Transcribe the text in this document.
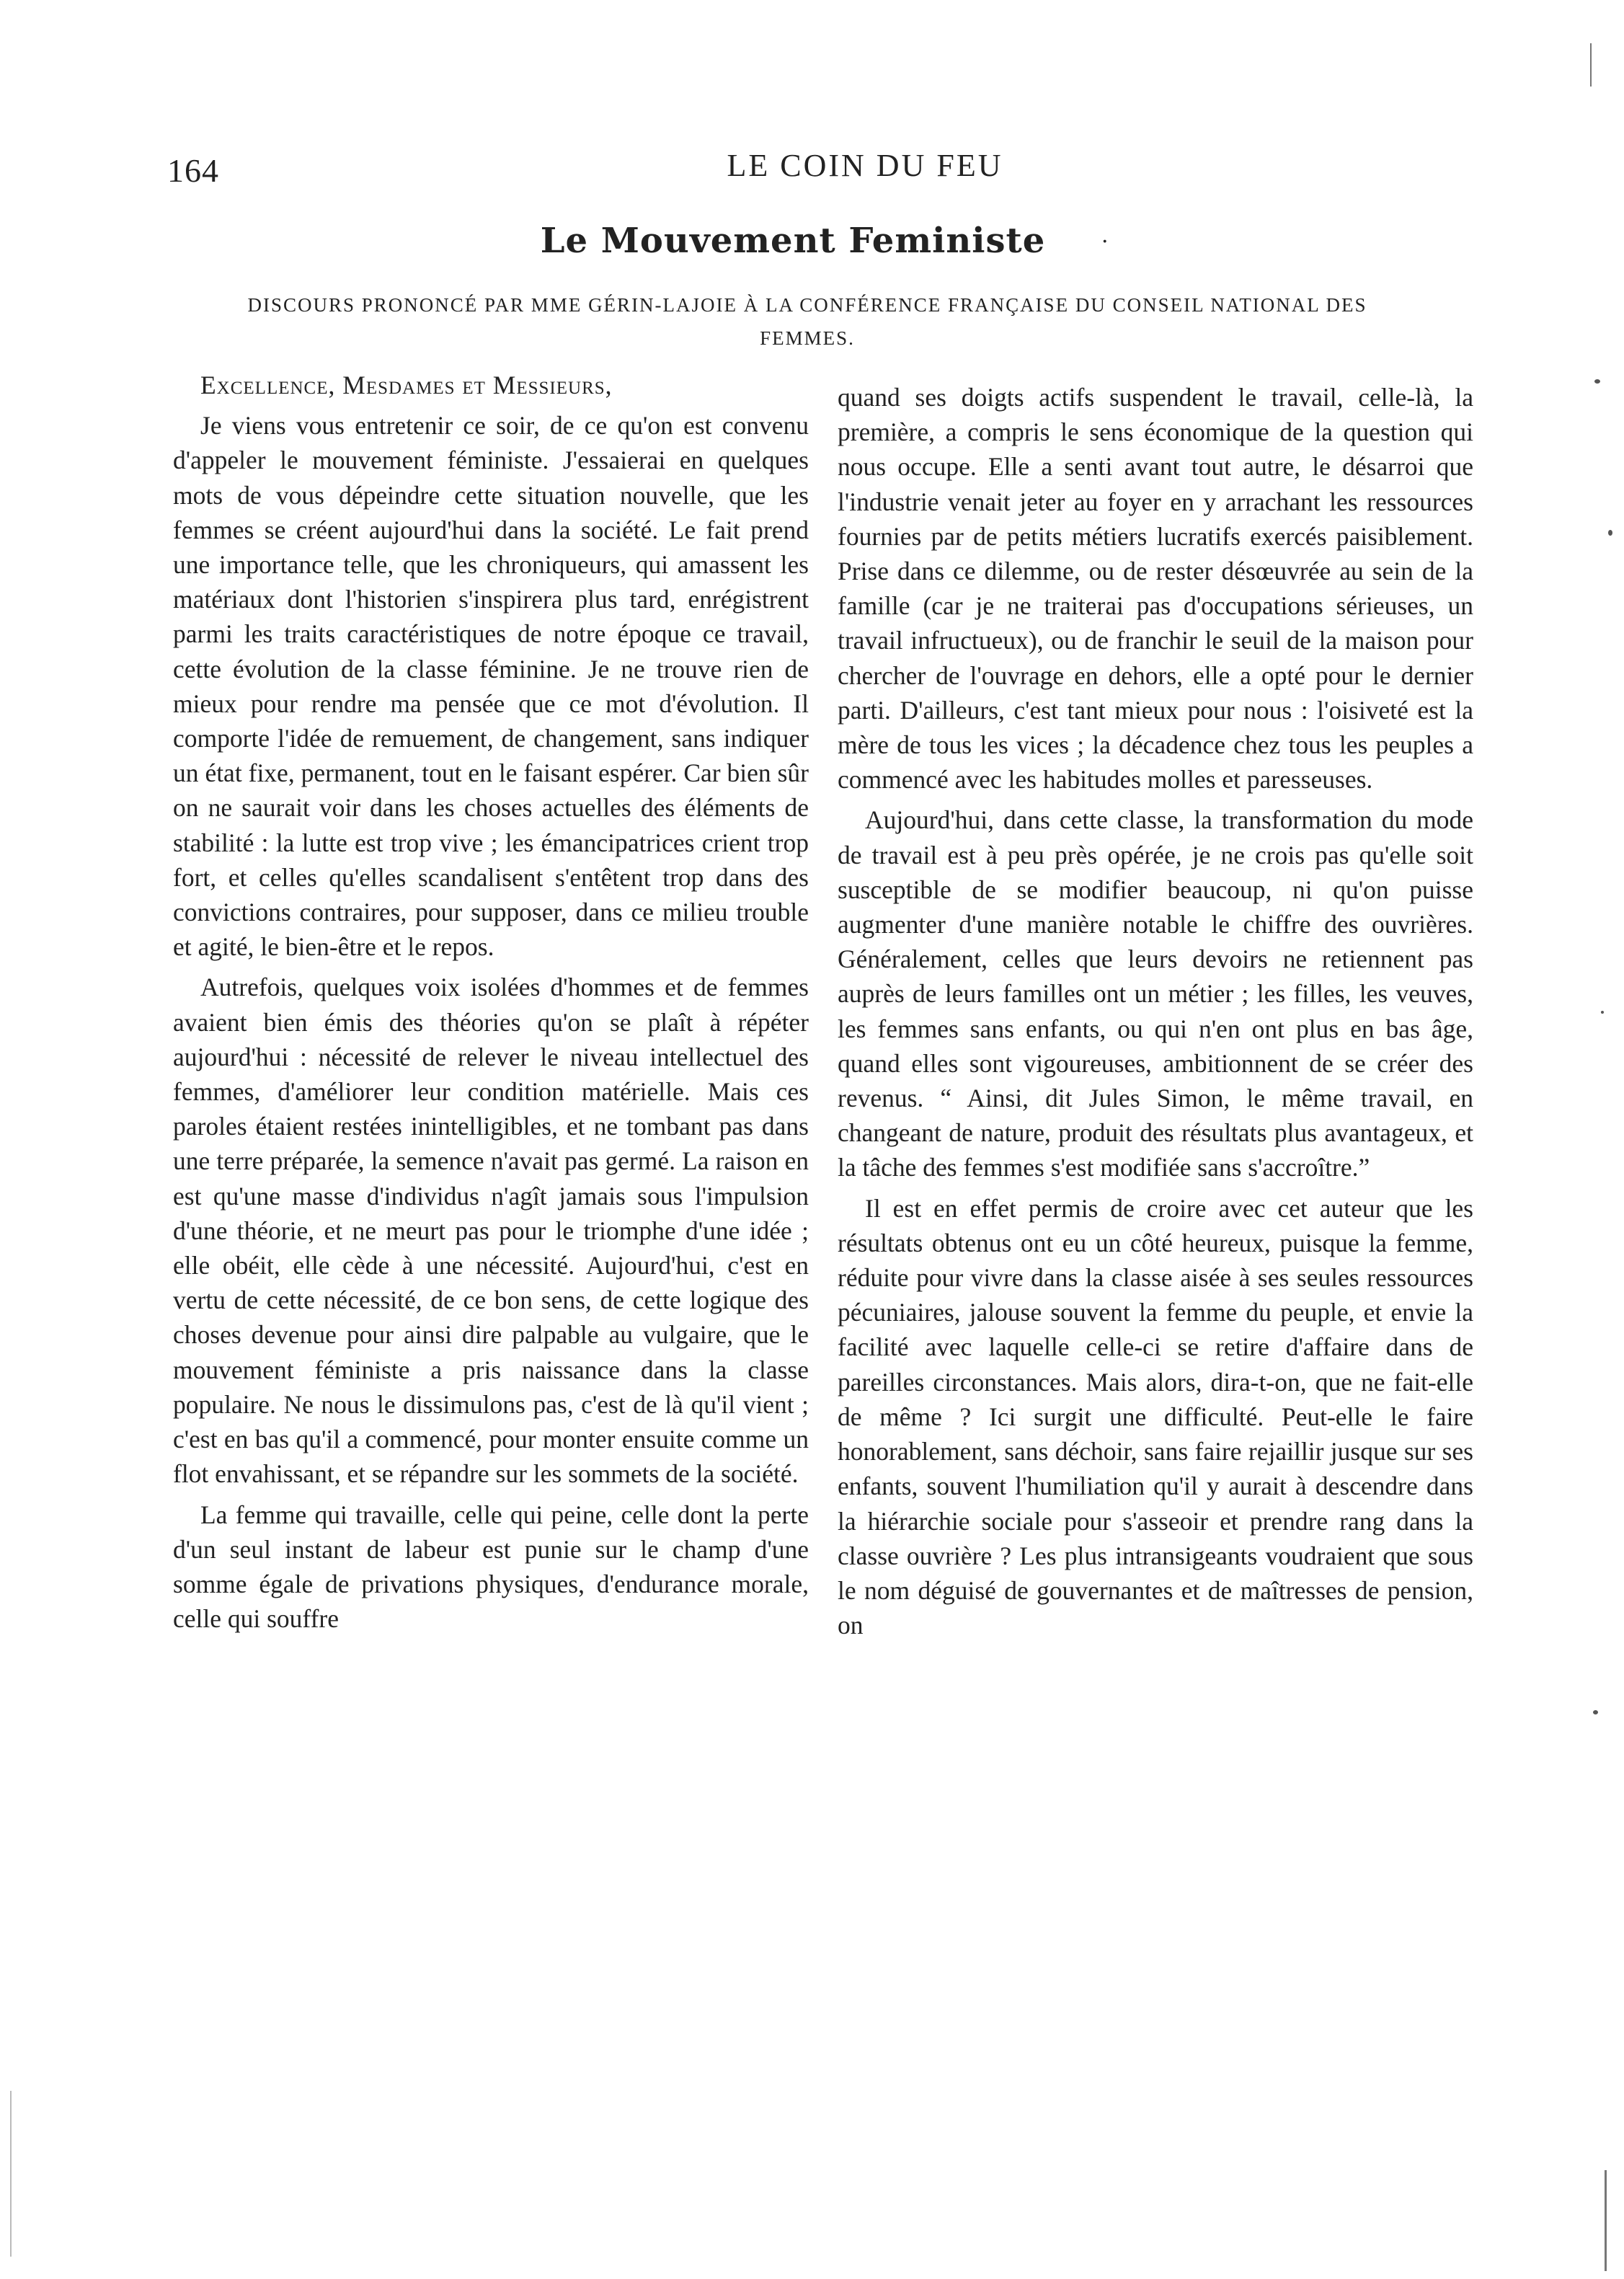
164	LE COIN DU FEU
Le Mouvement Feministe	·
DISCOURS PRONONCÉ PAR MME GÉRIN-LAJOIE À LA CONFÉRENCE FRANÇAISE DU CONSEIL NATIONAL DES FEMMES.

Excellence, Mesdames et Messieurs,

Je viens vous entretenir ce soir, de ce qu'on est convenu d'appeler le mouvement féministe. J'essaierai en quelques mots de vous dépeindre cette situation nouvelle, que les femmes se créent aujourd'hui dans la société. Le fait prend une importance telle, que les chroniqueurs, qui amassent les matériaux dont l'historien s'inspirera plus tard, enrégistrent parmi les traits caractéristiques de notre époque ce travail, cette évolution de la classe féminine. Je ne trouve rien de mieux pour rendre ma pensée que ce mot d'évolution. Il comporte l'idée de remuement, de changement, sans indiquer un état fixe, permanent, tout en le faisant espérer. Car bien sûr on ne saurait voir dans les choses actuelles des éléments de stabilité : la lutte est trop vive ; les émancipatrices crient trop fort, et celles qu'elles scandalisent s'entêtent trop dans des convictions contraires, pour supposer, dans ce milieu trouble et agité, le bien-être et le repos.

Autrefois, quelques voix isolées d'hommes et de femmes avaient bien émis des théories qu'on se plaît à répéter aujourd'hui : nécessité de relever le niveau intellectuel des femmes, d'améliorer leur condition matérielle. Mais ces paroles étaient restées inintelligibles, et ne tombant pas dans une terre préparée, la semence n'avait pas germé. La raison en est qu'une masse d'individus n'agît jamais sous l'impulsion d'une théorie, et ne meurt pas pour le triomphe d'une idée ; elle obéit, elle cède à une nécessité. Aujourd'hui, c'est en vertu de cette nécessité, de ce bon sens, de cette logique des choses devenue pour ainsi dire palpable au vulgaire, que le mouvement féministe a pris naissance dans la classe populaire. Ne nous le dissimulons pas, c'est de là qu'il vient ; c'est en bas qu'il a commencé, pour monter ensuite comme un flot envahissant, et se répandre sur les sommets de la société.

La femme qui travaille, celle qui peine, celle dont la perte d'un seul instant de labeur est punie sur le champ d'une somme égale de privations physiques, d'endurance morale, celle qui souffre

quand ses doigts actifs suspendent le travail, celle-là, la première, a compris le sens économique de la question qui nous occupe. Elle a senti avant tout autre, le désarroi que l'industrie venait jeter au foyer en y arrachant les ressources fournies par de petits métiers lucratifs exercés paisiblement. Prise dans ce dilemme, ou de rester désœuvrée au sein de la famille (car je ne traiterai pas d'occupations sérieuses, un travail infructueux), ou de franchir le seuil de la maison pour chercher de l'ouvrage en dehors, elle a opté pour le dernier parti. D'ailleurs, c'est tant mieux pour nous : l'oisiveté est la mère de tous les vices ; la décadence chez tous les peuples a commencé avec les habitudes molles et paresseuses.

Aujourd'hui, dans cette classe, la transformation du mode de travail est à peu près opérée, je ne crois pas qu'elle soit susceptible de se modifier beaucoup, ni qu'on puisse augmenter d'une manière notable le chiffre des ouvrières. Généralement, celles que leurs devoirs ne retiennent pas auprès de leurs familles ont un métier ; les filles, les veuves, les femmes sans enfants, ou qui n'en ont plus en bas âge, quand elles sont vigoureuses, ambitionnent de se créer des revenus. “ Ainsi, dit Jules Simon, le même travail, en changeant de nature, produit des résultats plus avantageux, et la tâche des femmes s'est modifiée sans s'accroître.”

Il est en effet permis de croire avec cet auteur que les résultats obtenus ont eu un côté heureux, puisque la femme, réduite pour vivre dans la classe aisée à ses seules ressources pécuniaires, jalouse souvent la femme du peuple, et envie la facilité avec laquelle celle-ci se retire d'affaire dans de pareilles circonstances. Mais alors, dira-t-on, que ne fait-elle de même ? Ici surgit une difficulté. Peut-elle le faire honorablement, sans déchoir, sans faire rejaillir jusque sur ses enfants, souvent l'humiliation qu'il y aurait à descendre dans la hiérarchie sociale pour s'asseoir et prendre rang dans la classe ouvrière ? Les plus intransigeants voudraient que sous le nom déguisé de gouvernantes et de maîtresses de pension, on
